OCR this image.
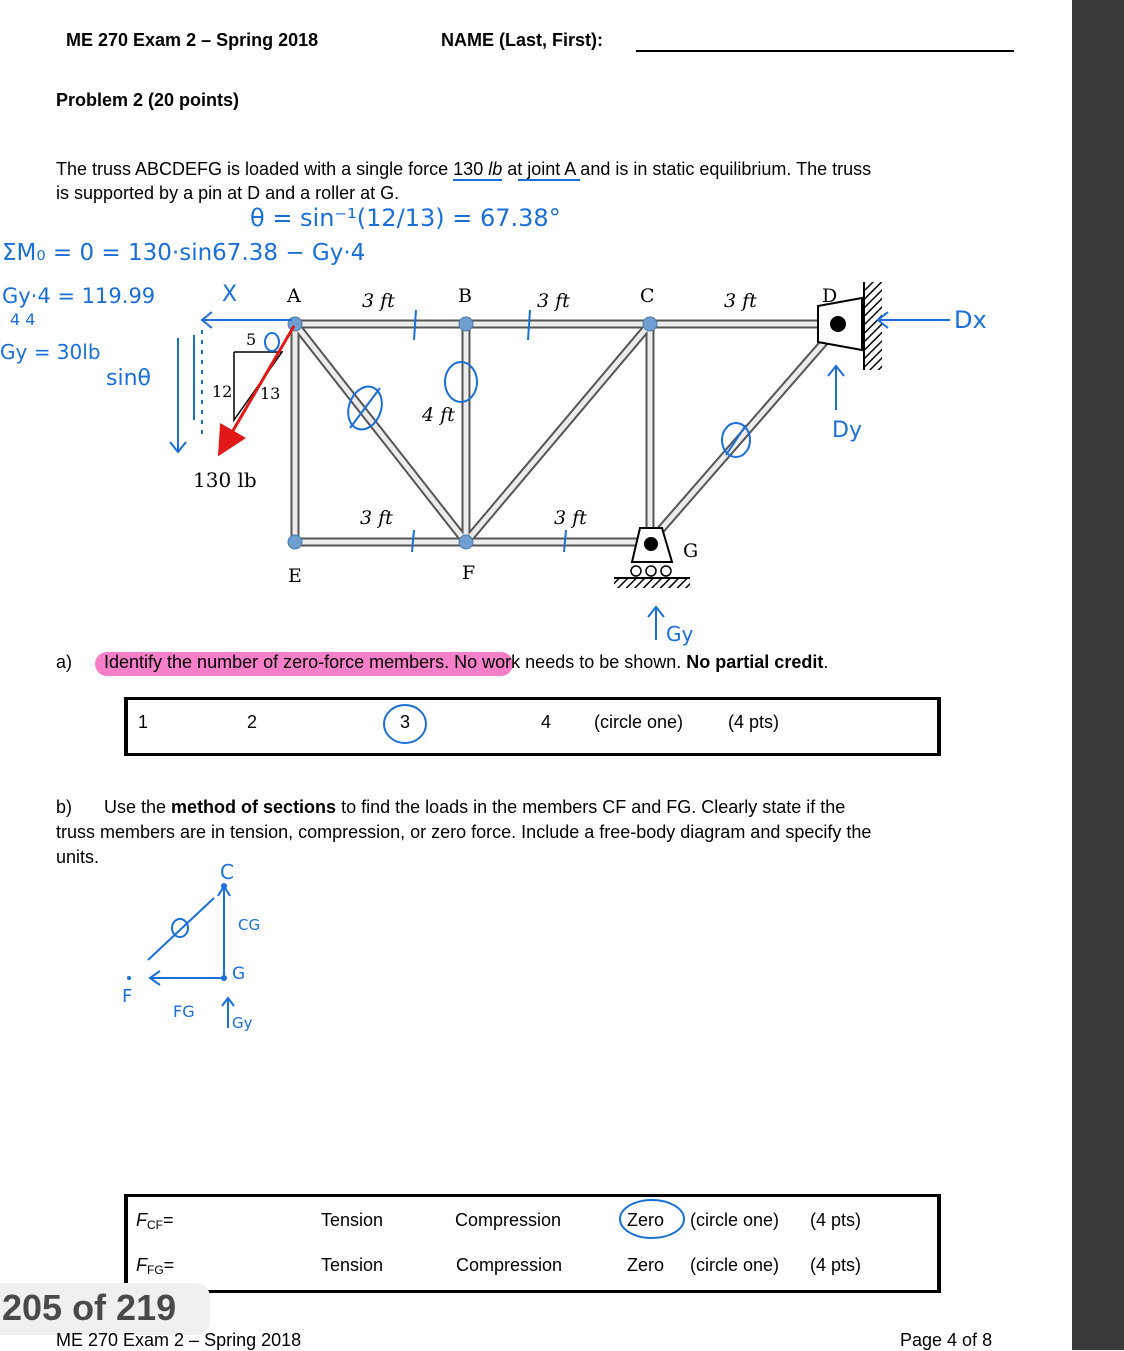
ME 270 Exam 2 – Spring 2018	NAME (Last, First):
Problem 2 (20 points)
The truss ABCDEFG is loaded with a single force 130 lb at joint A and is in static equilibrium. The truss
is supported by a pin at D and a roller at G.
θ = sin⁻¹(12/13) = 67.38°
ΣM₀ = 0 = 130·sin67.38 − Gy·4
Gy·4 = 119.99
4 4
Gy = 30lb
sinθ
X	A	B	C	D
E	F
G
3 ft	3 ft	3 ft
4 ft
3 ft	3 ft
130 lb
5
12 13
Dx
Dy
Gy
a) Identify the number of zero-force members. No work needs to be shown. No partial credit.
1	2	3	4 (circle one) (4 pts)
b) Use the method of sections to find the loads in the members CF and FG. Clearly state if the
truss members are in tension, compression, or zero force. Include a free-body diagram and specify the
units.
C
CG
G
F
FG
Gy
$F_{CF}=$	Tension	Compression	Zero (circle one) (4 pts)
$F_{FG}=$	Tension	Compression	Zero (circle one) (4 pts)
205 of 219
ME 270 Exam 2 – Spring 2018	Page 4 of 8
